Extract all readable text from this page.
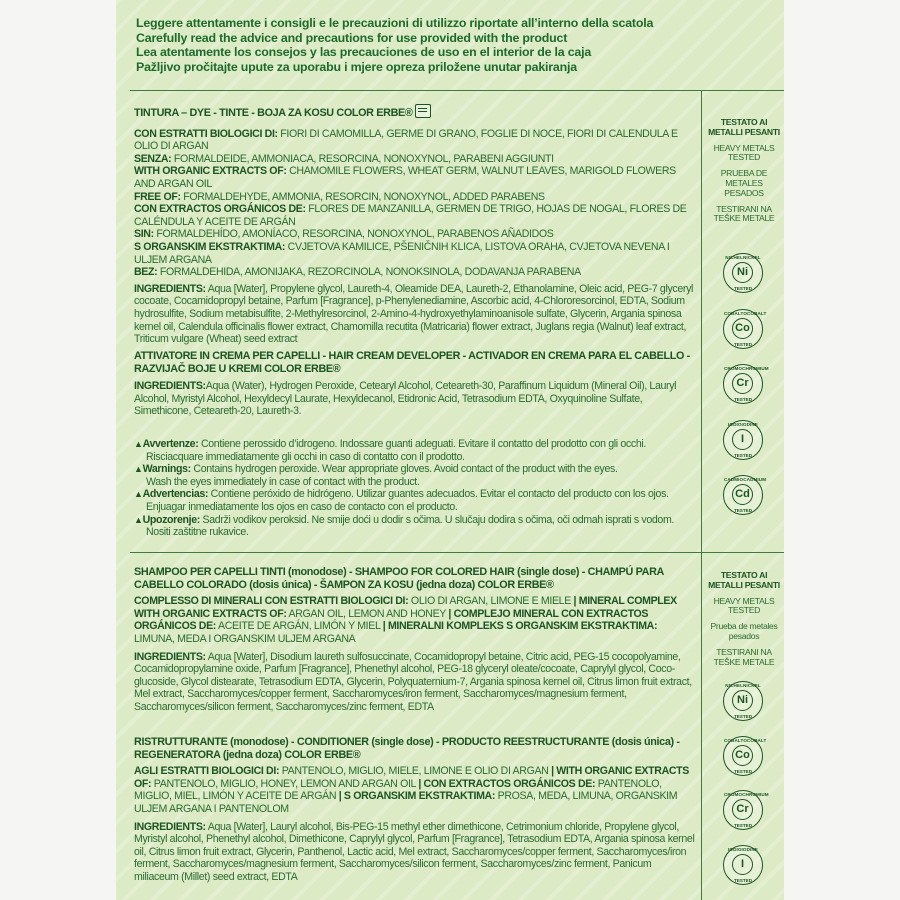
Leggere attentamente i consigli e le precauzioni di utilizzo riportate all’interno della scatola
Carefully read the advice and precautions for use provided with the product
Lea atentamente los consejos y las precauciones de uso en el interior de la caja
Pažljivo pročitajte upute za uporabu i mjere opreza priložene unutar pakiranja

TINTURA – DYE - TINTE - BOJA ZA KOSU COLOR ERBE®

CON ESTRATTI BIOLOGICI DI: FIORI DI CAMOMILLA, GERME DI GRANO, FOGLIE DI NOCE, FIORI DI CALENDULA E OLIO DI ARGAN

SENZA: FORMALDEIDE, AMMONIACA, RESORCINA, NONOXYNOL, PARABENI AGGIUNTI

WITH ORGANIC EXTRACTS OF: CHAMOMILE FLOWERS, WHEAT GERM, WALNUT LEAVES, MARIGOLD FLOWERS AND ARGAN OIL

FREE OF: FORMALDEHYDE, AMMONIA, RESORCIN, NONOXYNOL, ADDED PARABENS

CON EXTRACTOS ORGÁNICOS DE: FLORES DE MANZANILLA, GERMEN DE TRIGO, HOJAS DE NOGAL, FLORES DE CALÉNDULA Y ACEITE DE ARGÁN

SIN: FORMALDEHÍDO, AMONÍACO, RESORCINA, NONOXYNOL, PARABENOS AÑADIDOS

S ORGANSKIM EKSTRAKTIMA: CVJETOVA KAMILICE, PŠENIČNIH KLICA, LISTOVA ORAHA, CVJETOVA NEVENA I ULJEM ARGANA

BEZ: FORMALDEHIDA, AMONIJAKA, REZORCINOLA, NONOKSINOLA, DODAVANJA PARABENA

INGREDIENTS: Aqua [Water], Propylene glycol, Laureth-4, Oleamide DEA, Laureth-2, Ethanolamine, Oleic acid, PEG-7 glyceryl cocoate, Cocamidopropyl betaine, Parfum [Fragrance], p-Phenylenediamine, Ascorbic acid, 4-Chlororesorcinol, EDTA, Sodium hydrosulfite, Sodium metabisulfite, 2-Methylresorcinol, 2-Amino-4-hydroxyethylaminoanisole sulfate, Glycerin, Argania spinosa kernel oil, Calendula officinalis flower extract, Chamomilla recutita (Matricaria) flower extract, Juglans regia (Walnut) leaf extract, Triticum vulgare (Wheat) seed extract

ATTIVATORE IN CREMA PER CAPELLI - HAIR CREAM DEVELOPER - ACTIVADOR EN CREMA PARA EL CABELLO - RAZVIJAČ BOJE U KREMI COLOR ERBE®

INGREDIENTS:Aqua (Water), Hydrogen Peroxide, Cetearyl Alcohol, Ceteareth-30, Paraffinum Liquidum (Mineral Oil), Lauryl Alcohol, Myristyl Alcohol, Hexyldecyl Laurate, Hexyldecanol, Etidronic Acid, Tetrasodium EDTA, Oxyquinoline Sulfate, Simethicone, Ceteareth-20, Laureth-3.

▲Avvertenze: Contiene perossido d’idrogeno. Indossare guanti adeguati. Evitare il contatto del prodotto con gli occhi.
Risciacquare immediatamente gli occhi in caso di contatto con il prodotto.

▲Warnings: Contains hydrogen peroxide. Wear appropriate gloves. Avoid contact of the product with the eyes.
Wash the eyes immediately in case of contact with the product.

▲Advertencias: Contiene peróxido de hidrógeno. Utilizar guantes adecuados. Evitar el contacto del producto con los ojos.
Enjuagar inmediatamente los ojos en caso de contacto con el producto.

▲Upozorenje: Sadrži vodikov peroksid. Ne smije doći u dodir s očima. U slučaju dodira s očima, oči odmah isprati s vodom.
Nositi zaštitne rukavice.

SHAMPOO PER CAPELLI TINTI (monodose) - SHAMPOO FOR COLORED HAIR (single dose) - CHAMPÚ PARA CABELLO COLORADO (dosis única) - ŠAMPON ZA KOSU (jedna doza) COLOR ERBE®

COMPLESSO DI MINERALI CON ESTRATTI BIOLOGICI DI: OLIO DI ARGAN, LIMONE E MIELE | MINERAL COMPLEX WITH ORGANIC EXTRACTS OF: ARGAN OIL, LEMON AND HONEY | COMPLEJO MINERAL CON EXTRACTOS ORGÁNICOS DE: ACEITE DE ARGÁN, LIMÓN Y MIEL | MINERALNI KOMPLEKS S ORGANSKIM EKSTRAKTIMA: LIMUNA, MEDA I ORGANSKIM ULJEM ARGANA

INGREDIENTS: Aqua [Water], Disodium laureth sulfosuccinate, Cocamidopropyl betaine, Citric acid, PEG-15 cocopolyamine, Cocamidopropylamine oxide, Parfum [Fragrance], Phenethyl alcohol, PEG-18 glyceryl oleate/cocoate, Caprylyl glycol, Coco-glucoside, Glycol distearate, Tetrasodium EDTA, Glycerin, Polyquaternium-7, Argania spinosa kernel oil, Citrus limon fruit extract, Mel extract, Saccharomyces/copper ferment, Saccharomyces/iron ferment, Saccharomyces/magnesium ferment, Saccharomyces/silicon ferment, Saccharomyces/zinc ferment, EDTA

RISTRUTTURANTE (monodose) - CONDITIONER (single dose) - PRODUCTO REESTRUCTURANTE (dosis única) - REGENERATORA (jedna doza) COLOR ERBE®

AGLI ESTRATTI BIOLOGICI DI: PANTENOLO, MIGLIO, MIELE, LIMONE E OLIO DI ARGAN | WITH ORGANIC EXTRACTS OF: PANTENOLO, MIGLIO, HONEY, LEMON AND ARGAN OIL | CON EXTRACTOS ORGÁNICOS DE: PANTENOLO, MIGLIO, MIEL, LIMÓN Y ACEITE DE ARGÁN | S ORGANSKIM EKSTRAKTIMA: PROSA, MEDA, LIMUNA, ORGANSKIM ULJEM ARGANA I PANTENOLOM

INGREDIENTS: Aqua [Water], Lauryl alcohol, Bis-PEG-15 methyl ether dimethicone, Cetrimonium chloride, Propylene glycol, Myristyl alcohol, Phenethyl alcohol, Dimethicone, Caprylyl glycol, Parfum [Fragrance], Tetrasodium EDTA, Argania spinosa kernel oil, Citrus limon fruit extract, Glycerin, Panthenol, Lactic acid, Mel extract, Saccharomyces/copper ferment, Saccharomyces/iron ferment, Saccharomyces/magnesium ferment, Saccharomyces/silicon ferment, Saccharomyces/zinc ferment, Panicum miliaceum (Millet) seed extract, EDTA

TESTATO AI METALLI PESANTI
HEAVY METALS TESTED
PRUEBA DE METALES PESADOS
TESTIRANI NA TEŠKE METALE
NICHELNICKEL
Ni
TESTED
COBALTOCOBALT
Co
TESTED
CROMOCHROMIUM
Cr
TESTED
IODIOIODINE
I
TESTED
CADMIOCADMIUM
Cd
TESTED
TESTATO AI METALLI PESANTI
HEAVY METALS TESTED
Prueba de metales pesados
TESTIRANI NA TEŠKE METALE
NICHELNICKEL
Ni
TESTED
COBALTOCOBALT
Co
TESTED
CROMOCHROMIUM
Cr
TESTED
IODIOIODINE
I
TESTED
